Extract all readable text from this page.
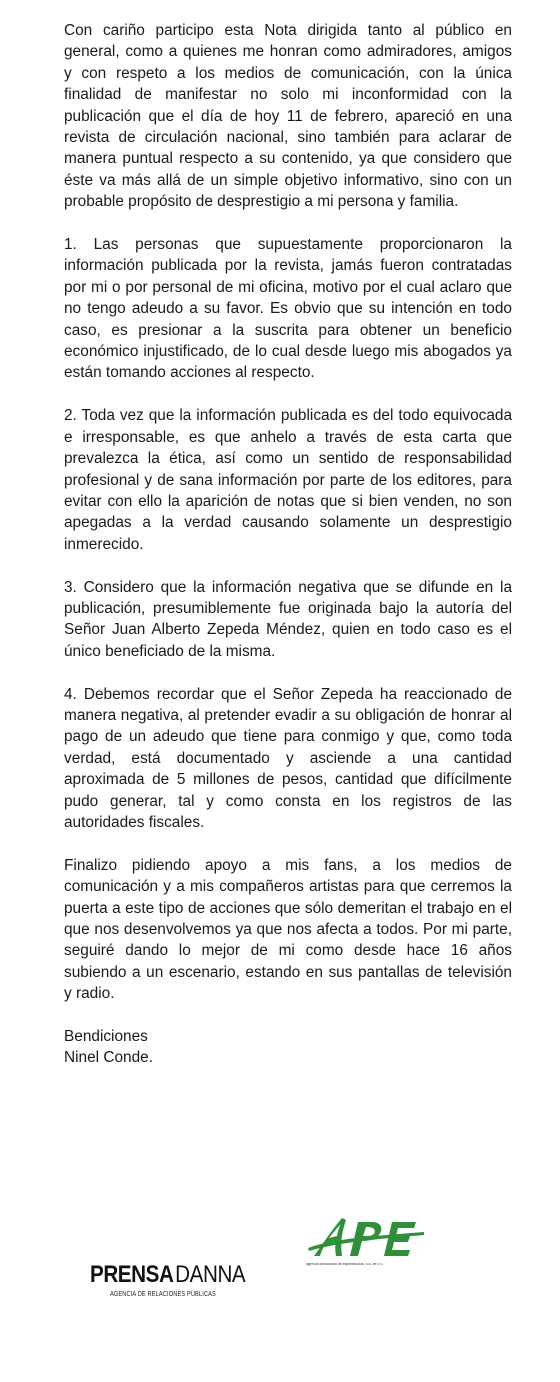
Con cariño participo esta Nota dirigida tanto al público en general, como a quienes me honran como admiradores, amigos y con respeto a los medios de comunicación, con la única finalidad de manifestar no solo mi inconformidad con la publicación que el día de hoy 11 de febrero, apareció en una revista de circulación nacional, sino también para aclarar de manera puntual respecto a su contenido, ya que considero que éste va más allá de un simple objetivo informativo, sino con un probable propósito de desprestigio a mi persona y familia.

1. Las personas que supuestamente proporcionaron la información publicada por la revista, jamás fueron contratadas por mi o por personal de mi oficina, motivo por el cual aclaro que no tengo adeudo a su favor. Es obvio que su intención en todo caso, es presionar a la suscrita para obtener un beneficio económico injustificado, de lo cual desde luego mis abogados ya están tomando acciones al respecto.

2. Toda vez que la información publicada es del todo equivocada e irresponsable, es que anhelo a través de esta carta que prevalezca la ética, así como un sentido de responsabilidad profesional y de sana información por parte de los editores, para evitar con ello la aparición de notas que si bien venden, no son apegadas a la verdad causando solamente un desprestigio inmerecido.

3. Considero que la información negativa que se difunde en la publicación, presumiblemente fue originada bajo la autoría del Señor Juan Alberto Zepeda Méndez, quien en todo caso es el único beneficiado de la misma.

4. Debemos recordar que el Señor Zepeda ha reaccionado de manera negativa, al pretender evadir a su obligación de honrar al pago de un adeudo que tiene para conmigo y que, como toda verdad, está documentado y asciende a una cantidad aproximada de 5 millones de pesos, cantidad que difícilmente pudo generar, tal y como consta en los registros de las autoridades fiscales.

Finalizo pidiendo apoyo a mis fans, a los medios de comunicación y a mis compañeros artistas para que cerremos la puerta a este tipo de acciones que sólo demeritan el trabajo en el que nos desenvolvemos ya que nos afecta a todos. Por mi parte, seguiré dando lo mejor de mi como desde hace 16 años subiendo a un escenario, estando en sus pantallas de televisión y radio.

Bendiciones

Ninel Conde.

PRENSADANNA
AGENCIA DE RELACIONES PÚBLICAS
agencia productora de espectáculos, s.a. de c.v.
